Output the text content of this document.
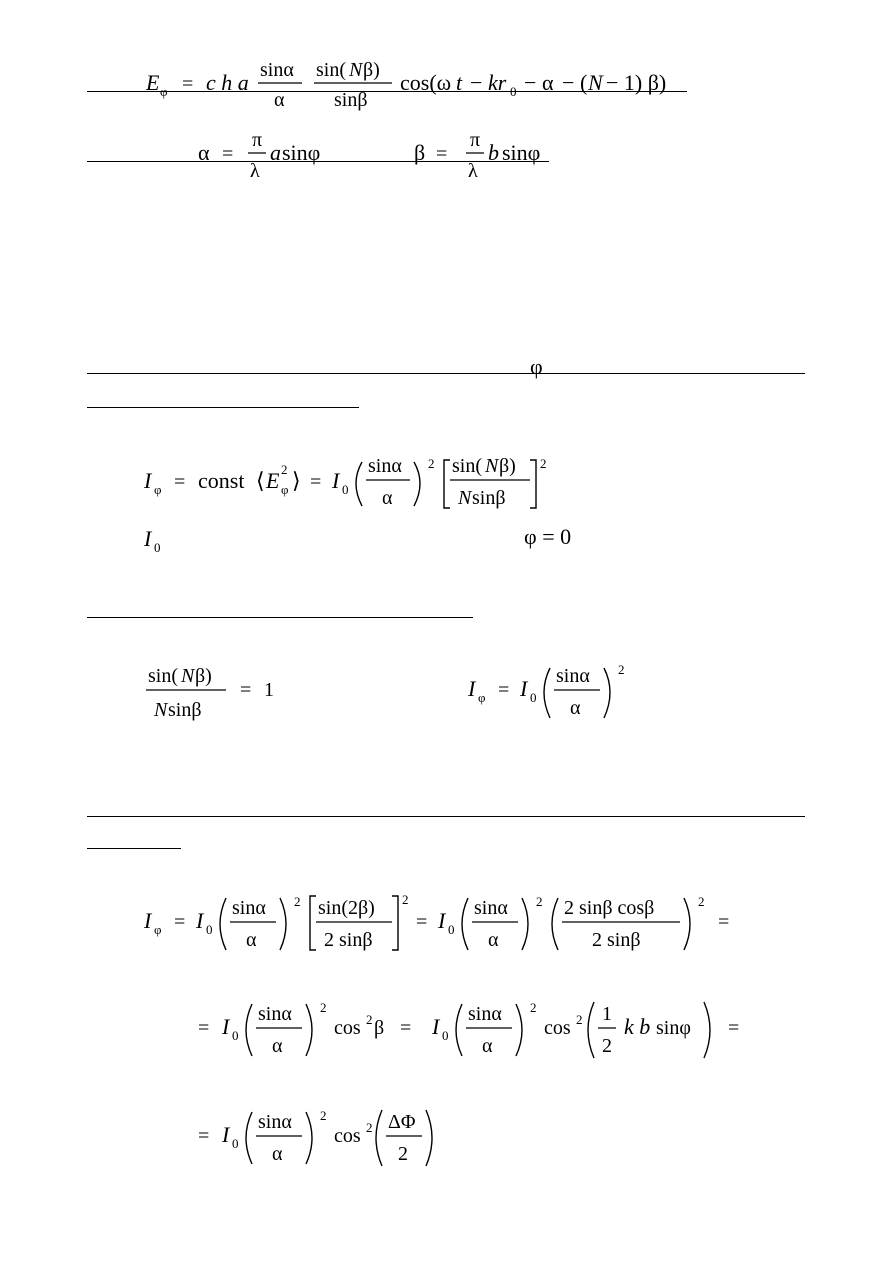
E φ = c h a sinα
α
sin( N β)
sinβ
cos(ω t − kr 0 − α − ( N − 1) β)
α =
π
λ
a sinφ	β =
π
λ
b sinφ
φ
I φ = const ⟨ E 2
φ ⟩ = I 0
sinα
α
2 sin( N β)
N sinβ
2
I 0	φ = 0
sin( N β)
N sinβ
= 1	I φ = I 0
sinα
α
2
I φ = I 0
sinα
α
2 sin(2β)
2 sinβ
2
= I 0
sinα
α
2 2 sinβ cosβ
2 sinβ
2
=
= I 0
sinα
α
2
cos 2 β = I 0
sinα
α
2
cos 2 1
2
k b sinφ =
= I 0
sinα
α
2
cos 2 ΔΦ
2
